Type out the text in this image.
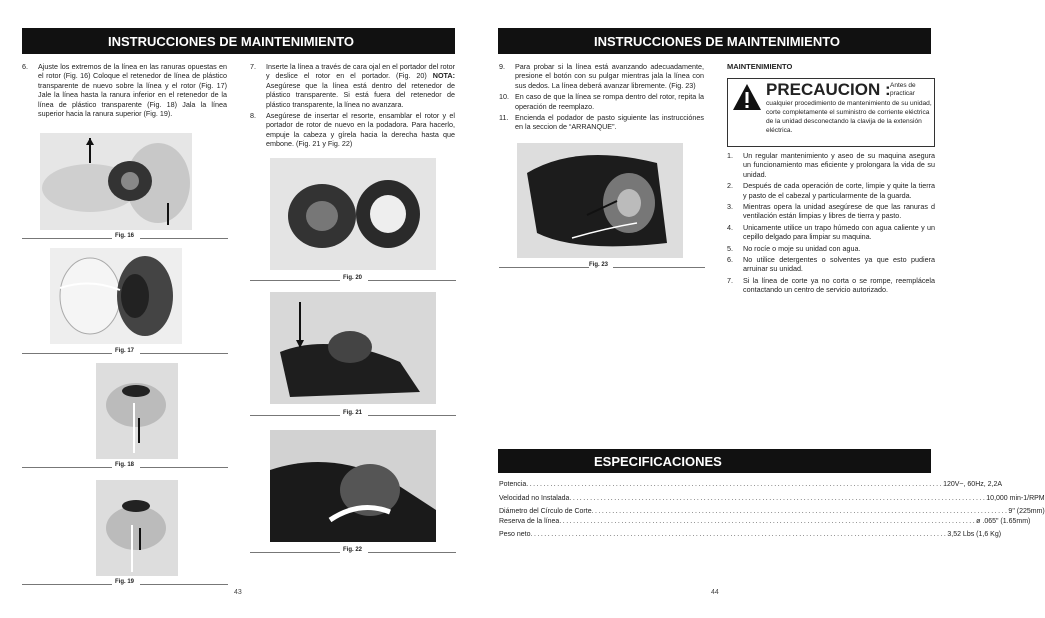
INSTRUCCIONES DE MAINTENIMIENTO
6.	Ajuste los extremos de la línea en las ranuras opuestas en el rotor (Fig. 16) Coloque el retenedor de línea de plástico transparente de nuevo sobre la línea y el rotor (Fig. 17) Jale la línea hasta la ranura inferior en el retenedor de la línea de plástico transparente (Fig. 18) Jala la línea superior hacia la ranura superior (Fig. 19).
7.	Inserte la línea a través de cara ojal en el portador del rotor y deslice el rotor en el portador. (Fig. 20) NOTA: Asegúrese que la línea está dentro del retenedor de plástico transparente. Si está fuera del retenedor de plástico transparente, la línea no avanzara.
8.	Asegúrese de insertar el resorte, ensamblar el rotor y el portador de rotor de nuevo en la podadora. Para hacerlo, empuje la cabeza y gírela hacia la derecha hasta que embone. (Fig. 21 y Fig. 22)
Fig. 16
Fig. 17
Fig. 18
Fig. 19
Fig. 20
Fig. 21
Fig. 22
43
INSTRUCCIONES DE MAINTENIMIENTO
9.	Para probar si la línea está avanzando adecuadamente, presione el botón con su pulgar mientras jala la línea con sus dedos. La línea deberá avanzar libremente. (Fig. 23)
10. En caso de que la línea se rompa dentro del rotor, repita la operación de reemplazo.
11. Encienda el podador de pasto siguiente las instrucciónes en la seccion de “ARRANQUE”.
Fig. 23
MAINTENIMIENTO
PRECAUCION : Antes de practicar
cualquier procedimiento de mantenimiento de su unidad, corte completamente el suministro de corriente eléctrica de la unidad desconectando la clavija de la extensión eléctrica.
1.	Un regular mantenimiento y aseo de su maquina asegura un funcionamiento mas eficiente y prolongara la vida de su unidad.
2.	Después de cada operación de corte, limpie y quite la tierra y pasto de el cabezal y particularmente de la guarda.
3.	Mientras opera la unidad asegúrese de que las ranuras d ventilación están limpias y libres de tierra y pasto.
4.	Unicamente utilice un trapo húmedo con agua caliente y un cepillo delgado para limpiar su maquina.
5.	No rocíe o moje su unidad con agua.
6.	No utilice detergentes o solventes ya que esto pudiera arruinar su unidad.
7.	Si la línea de corte ya no corta o se rompe, reemplácela contactando un centro de servicio autorizado.
ESPECIFICACIONES
Potencia ......................................................................................................................... 120V~, 60Hz, 2,2A
Velocidad no Instalada ......................................................................................................................... 10,000 min-1/RPM
Diámetro del Círculo de Corte ......................................................................................................................... 9" (225mm)
Reserva de la línea ......................................................................................................................... ø .065" (1.65mm)
Peso neto ......................................................................................................................... 3,52 Lbs (1,6 Kg)
44
